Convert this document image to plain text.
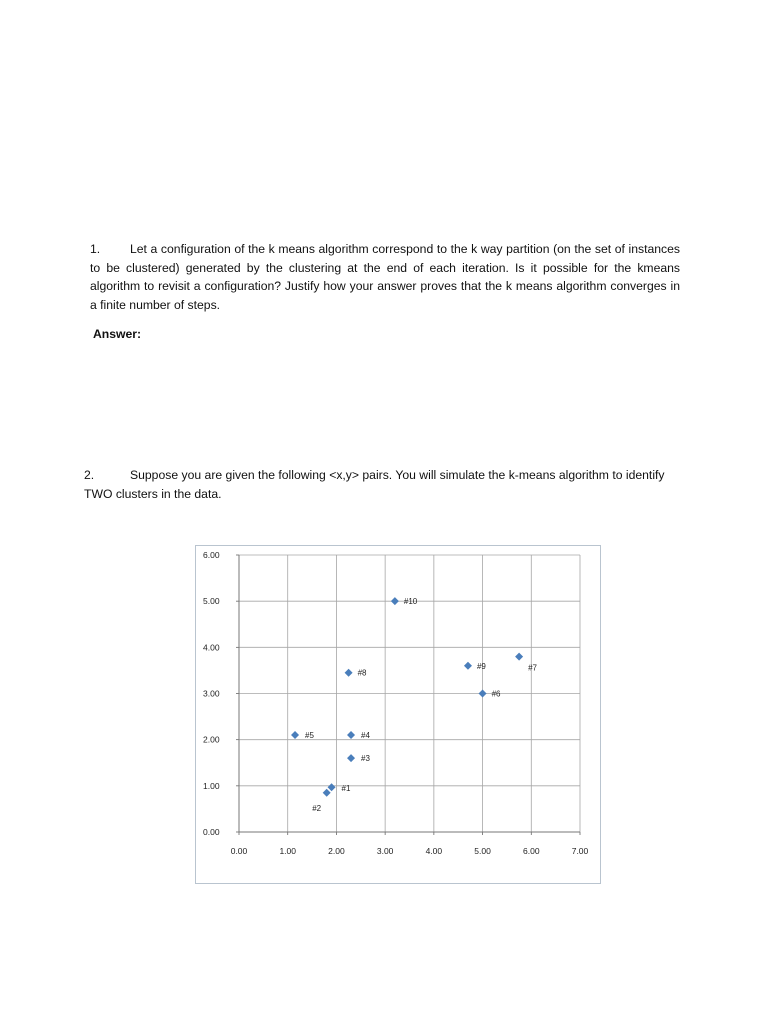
1. Let a configuration of the k means algorithm correspond to the k way partition (on the set of instances to be clustered) generated by the clustering at the end of each iteration. Is it possible for the kmeans algorithm to revisit a configuration? Justify how your answer proves that the k means algorithm converges in a finite number of steps.
Answer:
2.	Suppose you are given the following <x,y> pairs. You will simulate the k-means algorithm to identify TWO clusters in the data.
0.00	1.00	2.00	3.00	4.00	5.00	6.00	7.00
0.00
1.00
2.00
3.00
4.00
5.00
6.00
#1
#2
#3
#4
#5
#6
#7
#8
#9
#10
